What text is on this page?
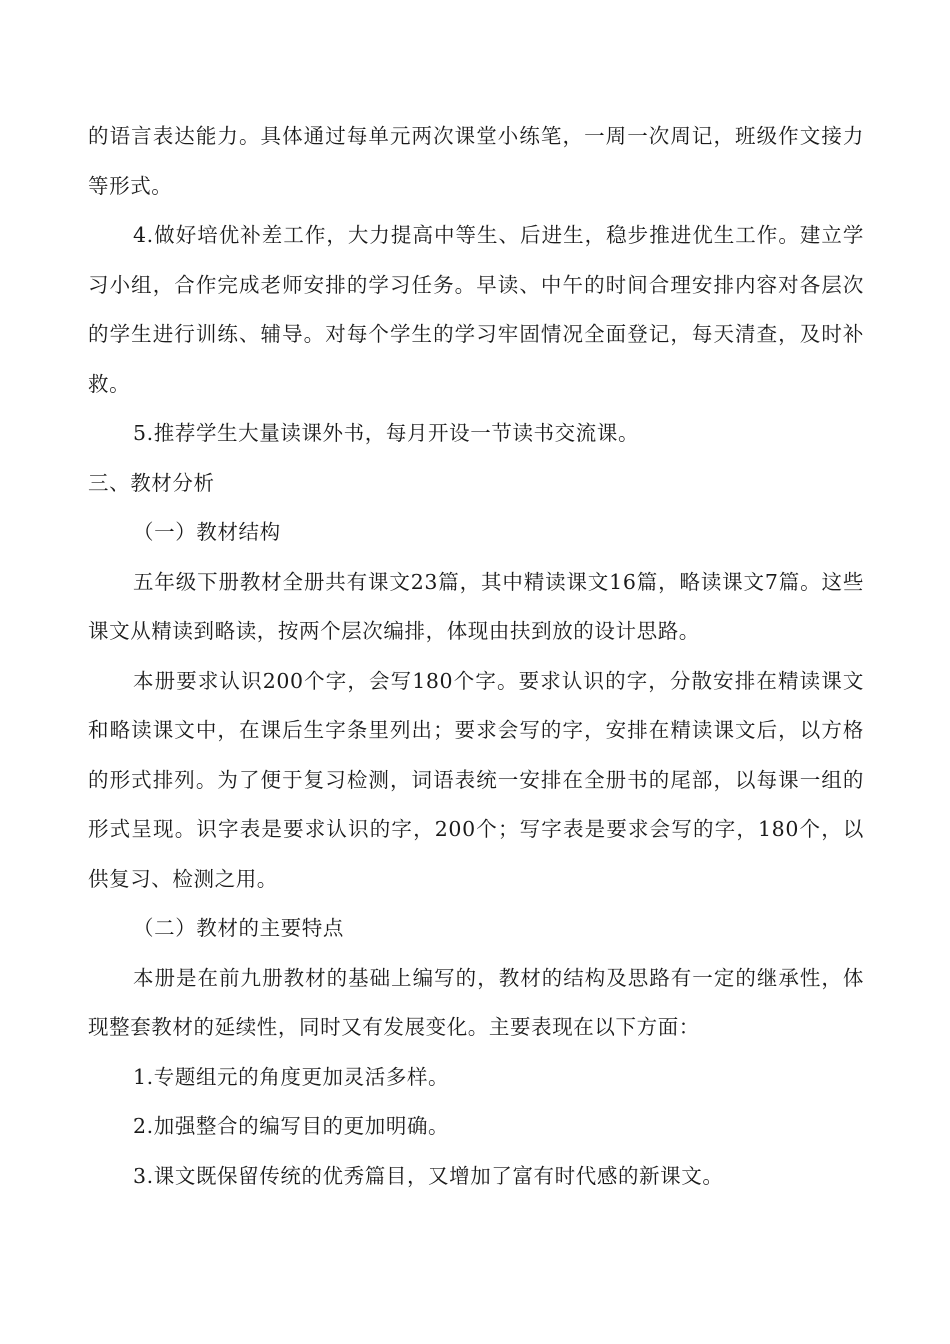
的语言表达能力。具体通过每单元两次课堂小练笔，一周一次周记，班级作文接力等形式。

4.做好培优补差工作，大力提高中等生、后进生，稳步推进优生工作。建立学习小组，合作完成老师安排的学习任务。早读、中午的时间合理安排内容对各层次的学生进行训练、辅导。对每个学生的学习牢固情况全面登记，每天清查，及时补救。

5.推荐学生大量读课外书，每月开设一节读书交流课。

三、教材分析

（一）教材结构

五年级下册教材全册共有课文23篇，其中精读课文16篇，略读课文7篇。这些课文从精读到略读，按两个层次编排，体现由扶到放的设计思路。

本册要求认识200个字，会写180个字。要求认识的字，分散安排在精读课文和略读课文中，在课后生字条里列出；要求会写的字，安排在精读课文后，以方格的形式排列。为了便于复习检测，词语表统一安排在全册书的尾部，以每课一组的形式呈现。识字表是要求认识的字，200个；写字表是要求会写的字，180个，以供复习、检测之用。

（二）教材的主要特点

本册是在前九册教材的基础上编写的，教材的结构及思路有一定的继承性，体现整套教材的延续性，同时又有发展变化。主要表现在以下方面：

1.专题组元的角度更加灵活多样。

2.加强整合的编写目的更加明确。

3.课文既保留传统的优秀篇目，又增加了富有时代感的新课文。
